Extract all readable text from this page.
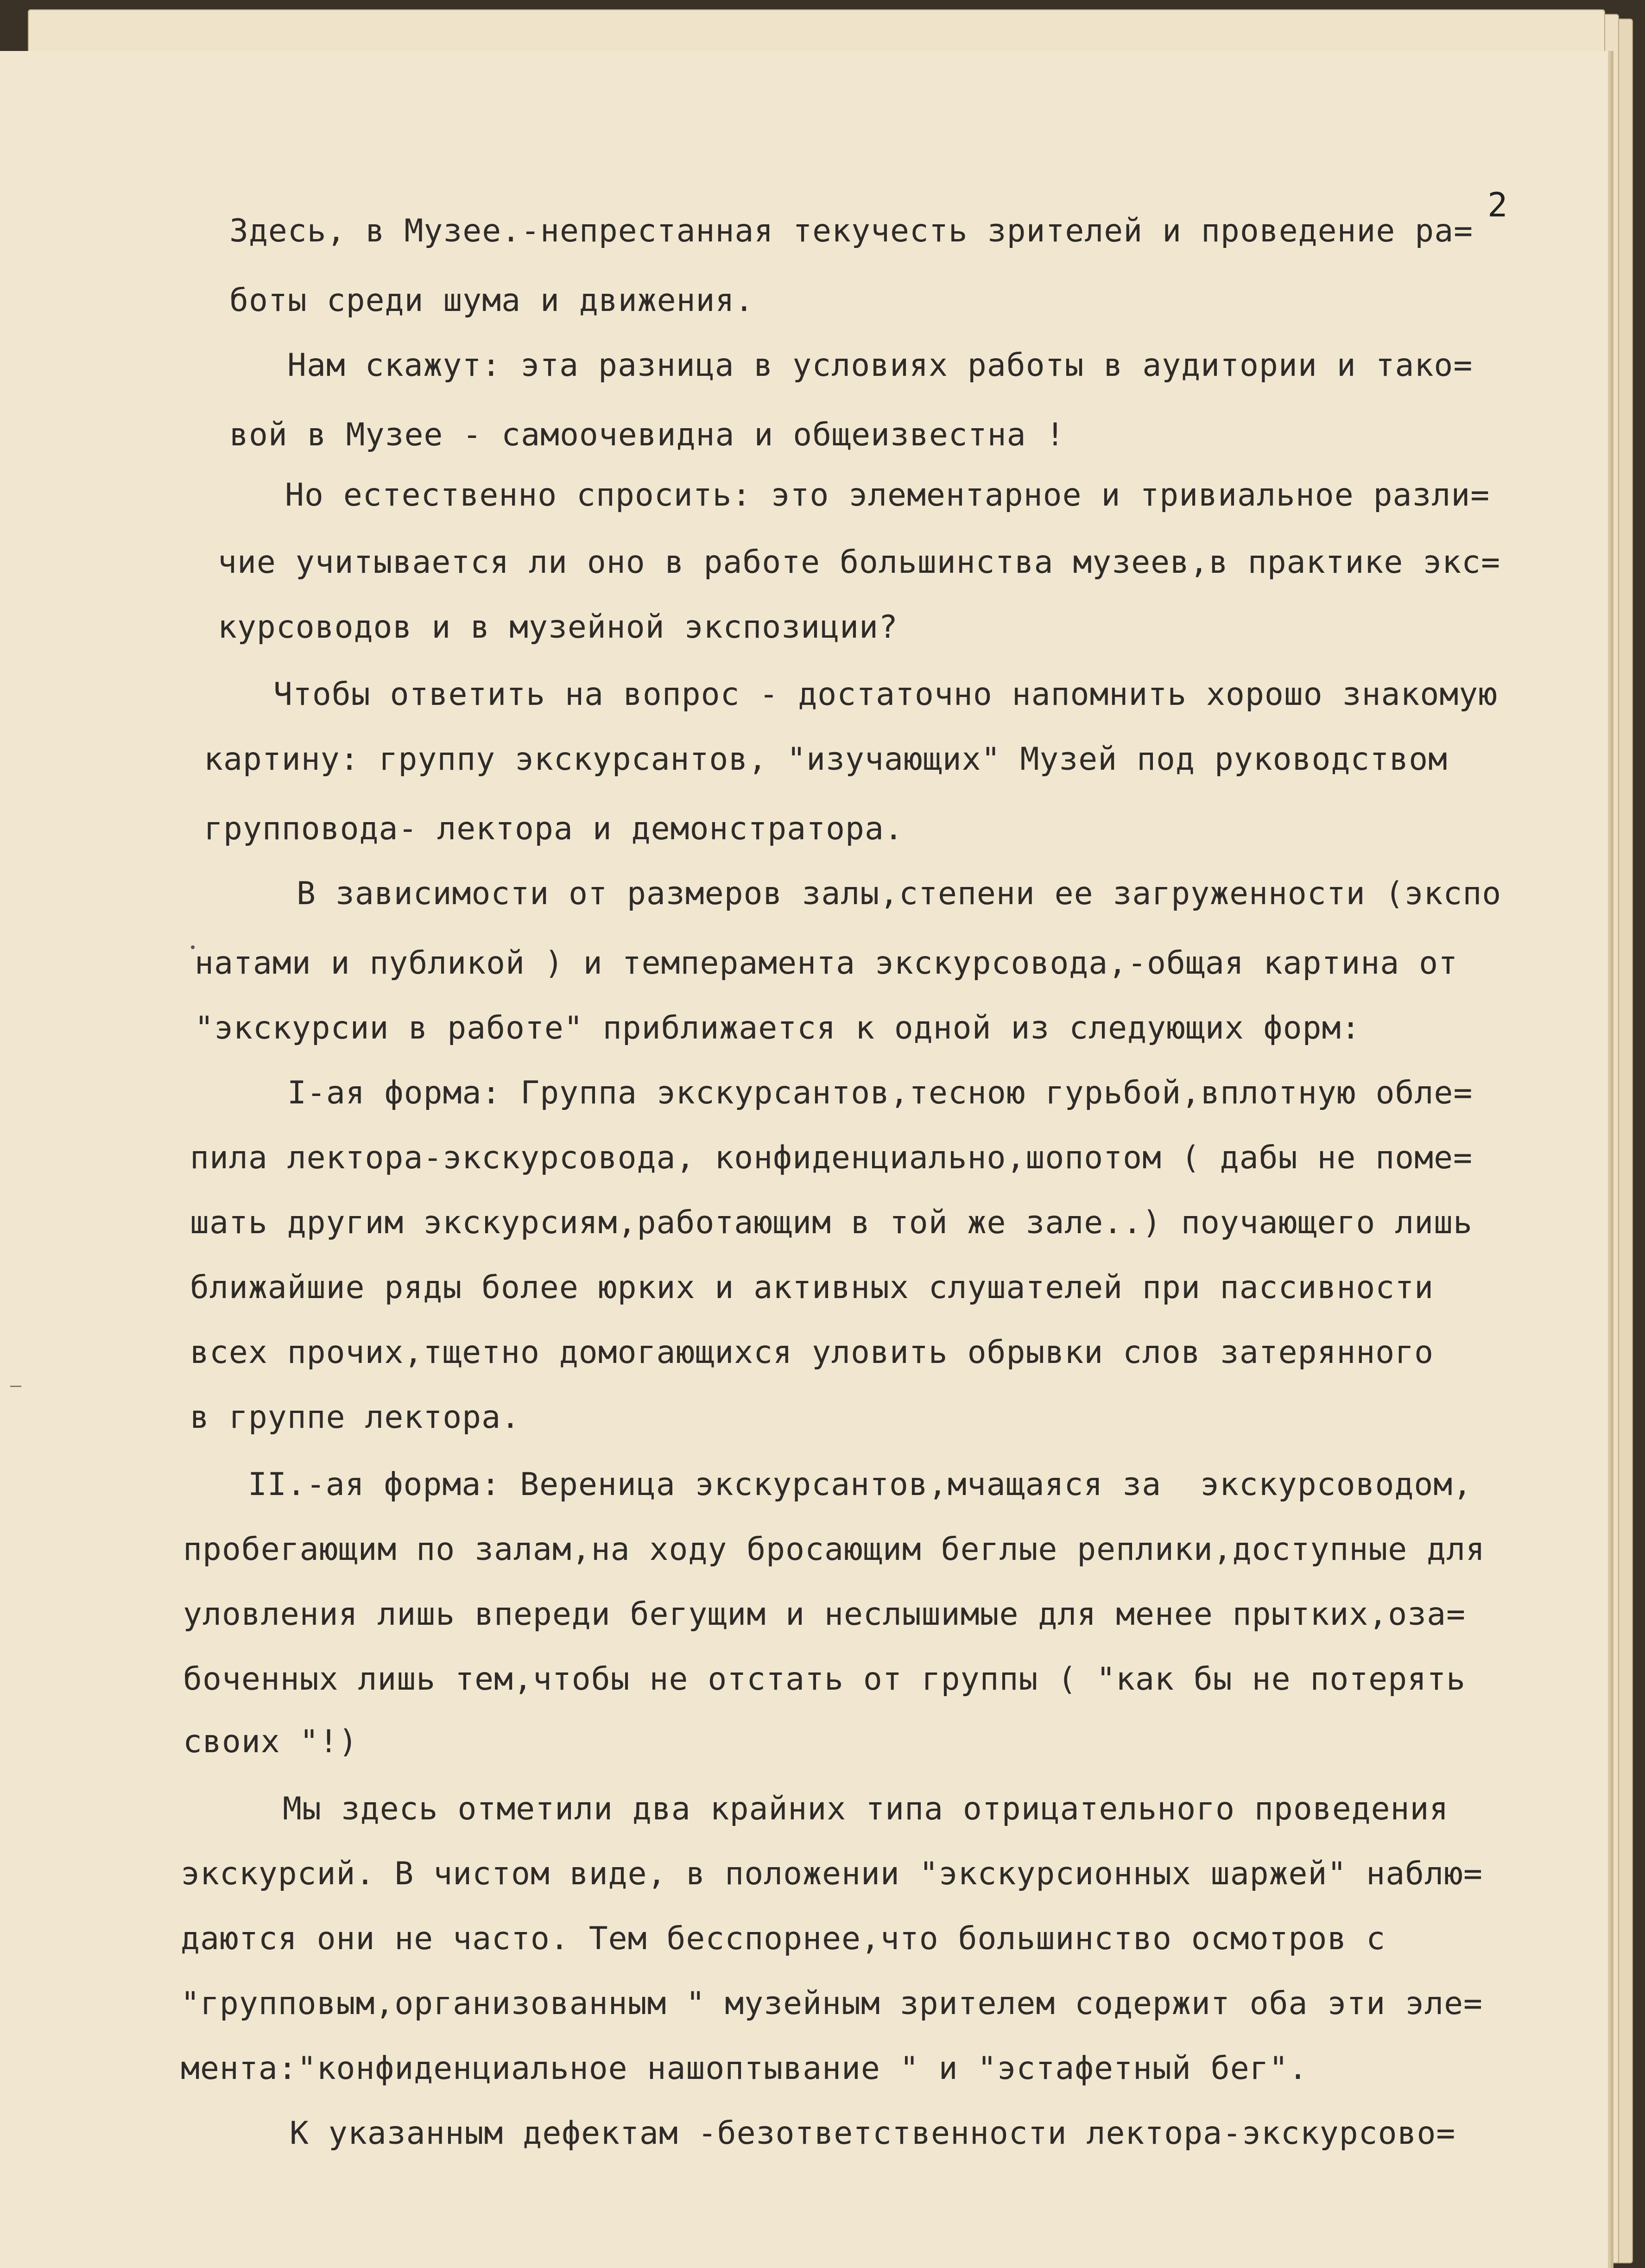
2
Здесь, в Музее.-непрестанная текучесть зрителей и проведение ра=
боты среди шума и движения.
Нам скажут: эта разница в условиях работы в аудитории и тако=
вой в Музее - самоочевидна и общеизвестна !
Но естественно спросить: это элементарное и тривиальное разли=
чие учитывается ли оно в работе большинства музеев,в практике экс=
курсоводов и в музейной экспозиции?
Чтобы ответить на вопрос - достаточно напомнить хорошо знакомую
картину: группу экскурсантов, "изучающих" Музей под руководством
групповода- лектора и демонстратора.
В зависимости от размеров залы,степени ее загруженности (экспо
натами и публикой ) и темперамента экскурсовода,-общая картина от
"экскурсии в работе" приближается к одной из следующих форм:
I-ая форма: Группа экскурсантов,тесною гурьбой,вплотную обле=
пила лектора-экскурсовода, конфиденциально,шопотом ( дабы не поме=
шать другим экскурсиям,работающим в той же зале..) поучающего лишь
ближайшие ряды более юрких и активных слушателей при пассивности
всех прочих,тщетно домогающихся уловить обрывки слов затерянного
в группе лектора.
II.-ая форма: Вереница экскурсантов,мчащаяся за  экскурсоводом,
пробегающим по залам,на ходу бросающим беглые реплики,доступные для
уловления лишь впереди бегущим и неслышимые для менее прытких,оза=
боченных лишь тем,чтобы не отстать от группы ( "как бы не потерять
своих "!)
Мы здесь отметили два крайних типа отрицательного проведения
экскурсий. В чистом виде, в положении "экскурсионных шаржей" наблю=
даются они не часто. Тем бесспорнее,что большинство осмотров с
"групповым,организованным " музейным зрителем содержит оба эти эле=
мента:"конфиденциальное нашоптывание " и "эстафетный бег".
К указанным дефектам -безответственности лектора-экскурсово=
